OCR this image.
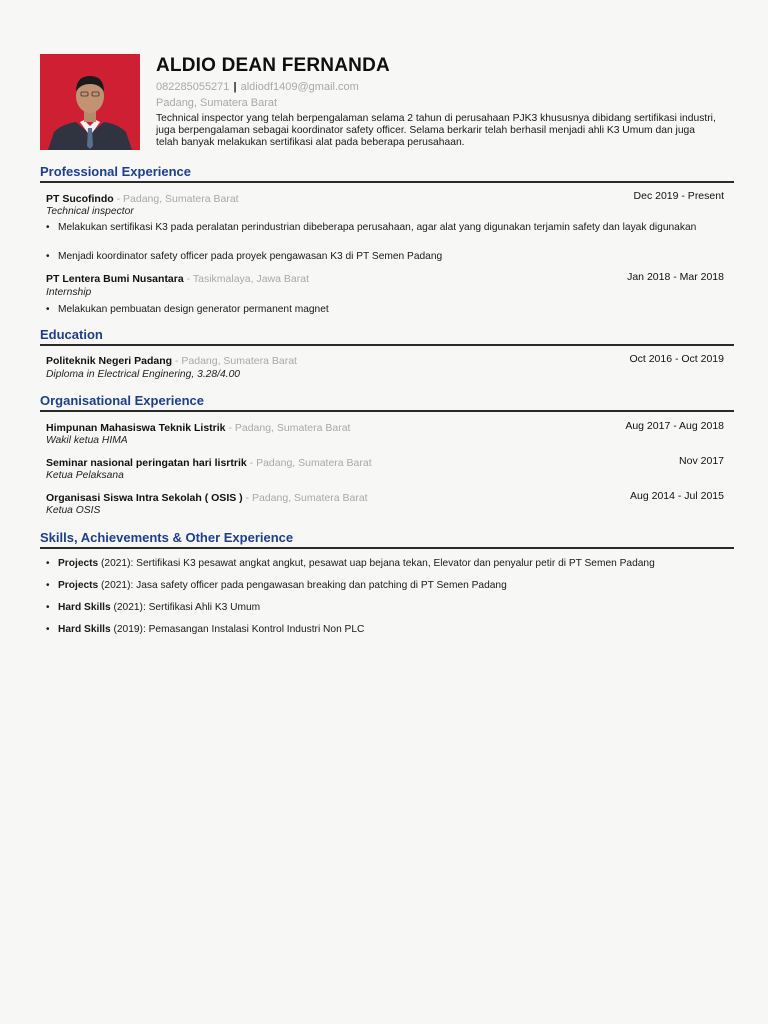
ALDIO DEAN FERNANDA
082285055271 | aldiodf1409@gmail.com
Padang, Sumatera Barat
Technical inspector yang telah berpengalaman selama 2 tahun di perusahaan PJK3 khususnya dibidang sertifikasi industri, juga berpengalaman sebagai koordinator safety officer. Selama berkarir telah berhasil menjadi ahli K3 Umum dan juga telah banyak melakukan sertifikasi alat pada beberapa perusahaan.
Professional Experience
PT Sucofindo - Padang, Sumatera Barat	Dec 2019 - Present
Technical inspector
• Melakukan sertifikasi K3 pada peralatan perindustrian dibeberapa perusahaan, agar alat yang digunakan terjamin safety dan layak digunakan
• Menjadi koordinator safety officer pada proyek pengawasan K3 di PT Semen Padang
PT Lentera Bumi Nusantara - Tasikmalaya, Jawa Barat	Jan 2018 - Mar 2018
Internship
• Melakukan pembuatan design generator permanent magnet
Education
Politeknik Negeri Padang - Padang, Sumatera Barat	Oct 2016 - Oct 2019
Diploma in Electrical Enginering, 3.28/4.00
Organisational Experience
Himpunan Mahasiswa Teknik Listrik - Padang, Sumatera Barat	Aug 2017 - Aug 2018
Wakil ketua HIMA
Seminar nasional peringatan hari lisrtrik - Padang, Sumatera Barat	Nov 2017
Ketua Pelaksana
Organisasi Siswa Intra Sekolah ( OSIS ) - Padang, Sumatera Barat	Aug 2014 - Jul 2015
Ketua OSIS
Skills, Achievements & Other Experience
• Projects (2021): Sertifikasi K3 pesawat angkat angkut, pesawat uap bejana tekan, Elevator dan penyalur petir di PT Semen Padang
• Projects (2021): Jasa safety officer pada pengawasan breaking dan patching di PT Semen Padang
• Hard Skills (2021): Sertifikasi Ahli K3 Umum
• Hard Skills (2019): Pemasangan Instalasi Kontrol Industri Non PLC
